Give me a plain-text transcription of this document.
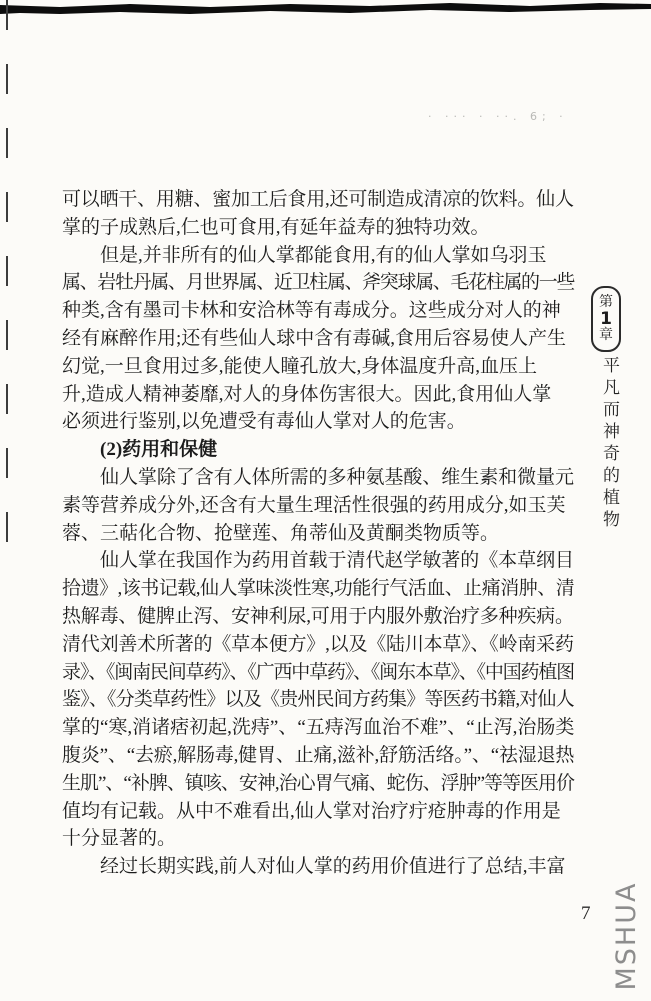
· ··· · ··. 6; ·
可以晒干、用糖、蜜加工后食用,还可制造成清凉的饮料。仙人
掌的子成熟后,仁也可食用,有延年益寿的独特功效。
但是,并非所有的仙人掌都能食用,有的仙人掌如乌羽玉
属、岩牡丹属、月世界属、近卫柱属、斧突球属、毛花柱属的一些
种类,含有墨司卡林和安洽林等有毒成分。这些成分对人的神
经有麻醉作用;还有些仙人球中含有毒碱,食用后容易使人产生
幻觉,一旦食用过多,能使人瞳孔放大,身体温度升高,血压上
升,造成人精神萎靡,对人的身体伤害很大。因此,食用仙人掌
必须进行鉴别,以免遭受有毒仙人掌对人的危害。
(2)药用和保健
仙人掌除了含有人体所需的多种氨基酸、维生素和微量元
素等营养成分外,还含有大量生理活性很强的药用成分,如玉芙
蓉、三萜化合物、抢壁莲、角蒂仙及黄酮类物质等。
仙人掌在我国作为药用首载于清代赵学敏著的《本草纲目
拾遗》,该书记载,仙人掌味淡性寒,功能行气活血、止痛消肿、清
热解毒、健脾止泻、安神利尿,可用于内服外敷治疗多种疾病。
清代刘善术所著的《草本便方》,以及《陆川本草》、《岭南采药
录》、《闽南民间草药》、《广西中草药》、《闽东本草》、《中国药植图
鉴》、《分类草药性》以及《贵州民间方药集》等医药书籍,对仙人
掌的“寒,消诸痞初起,洗痔”、“五痔泻血治不难”、“止泻,治肠类
腹炎”、“去瘀,解肠毒,健胃、止痛,滋补,舒筋活络。”、“祛湿退热
生肌”、“补脾、镇咳、安神,治心胃气痛、蛇伤、浮肿”等等医用价
值均有记载。从中不难看出,仙人掌对治疗疔疮肿毒的作用是
十分显著的。
经过长期实践,前人对仙人掌的药用价值进行了总结,丰富
第
1
章
平凡而神奇的植物
7 MSHUA
